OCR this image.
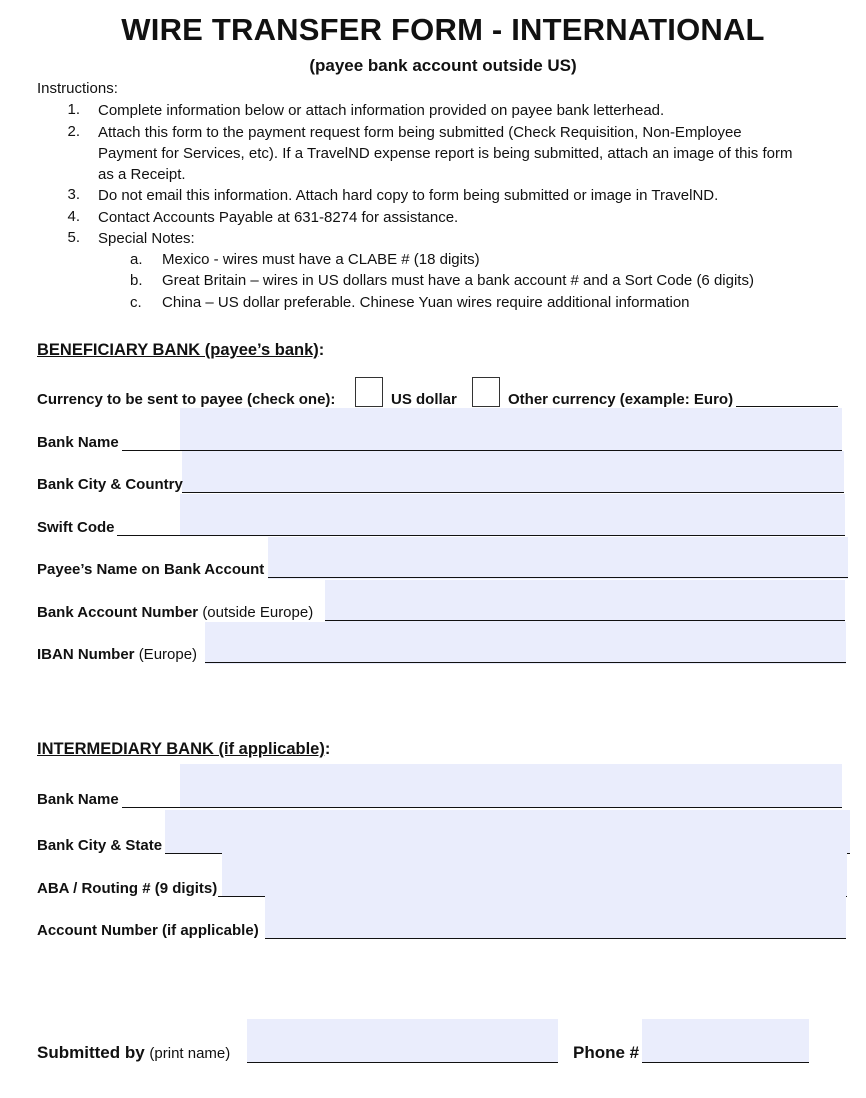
WIRE TRANSFER FORM - INTERNATIONAL
(payee bank account outside US)
Instructions:
1. Complete information below or attach information provided on payee bank letterhead.
2. Attach this form to the payment request form being submitted (Check Requisition, Non-Employee
Payment for Services, etc). If a TravelND expense report is being submitted, attach an image of this form
as a Receipt.
3. Do not email this information. Attach hard copy to form being submitted or image in TravelND.
4. Contact Accounts Payable at 631-8274 for assistance.
5. Special Notes:
a. Mexico - wires must have a CLABE # (18 digits)
b. Great Britain – wires in US dollars must have a bank account # and a Sort Code (6 digits)
c. China – US dollar preferable. Chinese Yuan wires require additional information
BENEFICIARY BANK (payee’s bank):
Currency to be sent to payee (check one):	US dollar	Other currency (example: Euro)
Bank Name
Bank City & Country
Swift Code
Payee’s Name on Bank Account
Bank Account Number (outside Europe)
IBAN Number (Europe)
INTERMEDIARY BANK (if applicable):
Bank Name
Bank City & State
ABA / Routing # (9 digits)
Account Number (if applicable)
Submitted by (print name)	Phone #
